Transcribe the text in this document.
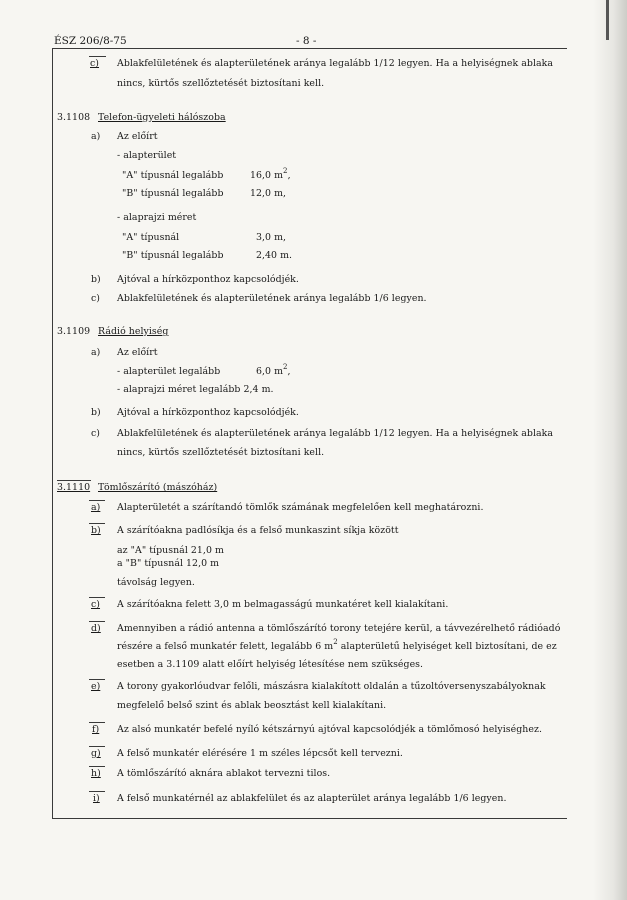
ÉSZ 206/8-75	- 8 -
c) Ablakfelületének és alapterületének aránya legalább 1/12 legyen. Ha a helyiségnek ablaka
nincs, kürtős szellőztetését biztosítani kell.
3.1108 Telefon-ügyeleti hálószoba
a) Az előírt
- alapterület
"A" típusnál legalább	16,0 $m^2$,
"B" típusnál legalább	12,0 m,
- alaprajzi méret
"A" típusnál	3,0 m,
"B" típusnál legalább	2,40 m.
b) Ajtóval a hírközponthoz kapcsolódjék.
c) Ablakfelületének és alapterületének aránya legalább 1/6 legyen.
3.1109 Rádió helyiség
a) Az előírt
- alapterület legalább	6,0 $m^2$,
- alaprajzi méret legalább 2,4 m.
b) Ajtóval a hírközponthoz kapcsolódjék.
c) Ablakfelületének és alapterületének aránya legalább 1/12 legyen. Ha a helyiségnek ablaka
nincs, kürtős szellőztetését biztosítani kell.
3.1110 Tömlőszárító (mászóház)
a) Alapterületét a szárítandó tömlők számának megfelelően kell meghatározni.
b) A szárítóakna padlósíkja és a felső munkaszint síkja között
az "A" típusnál 21,0 m
a "B" típusnál 12,0 m
távolság legyen.
c) A szárítóakna felett 3,0 m belmagasságú munkatéret kell kialakítani.
d) Amennyiben a rádió antenna a tömlőszárító torony tetejére kerül, a távvezérelhető rádióadó
részére a felső munkatér felett, legalább 6 $m^2$ alapterületű helyiséget kell biztosítani, de ez
esetben a 3.1109 alatt előírt helyiség létesítése nem szükséges.
e) A torony gyakorlóudvar felőli, mászásra kialakított oldalán a tűzoltóversenyszabályoknak
megfelelő belső szint és ablak beosztást kell kialakítani.
f) Az alsó munkatér befelé nyíló kétszárnyú ajtóval kapcsolódjék a tömlőmosó helyiséghez.
g) A felső munkatér elérésére 1 m széles lépcsőt kell tervezni.
h) A tömlőszárító aknára ablakot tervezni tilos.
i) A felső munkatérnél az ablakfelület és az alapterület aránya legalább 1/6 legyen.
